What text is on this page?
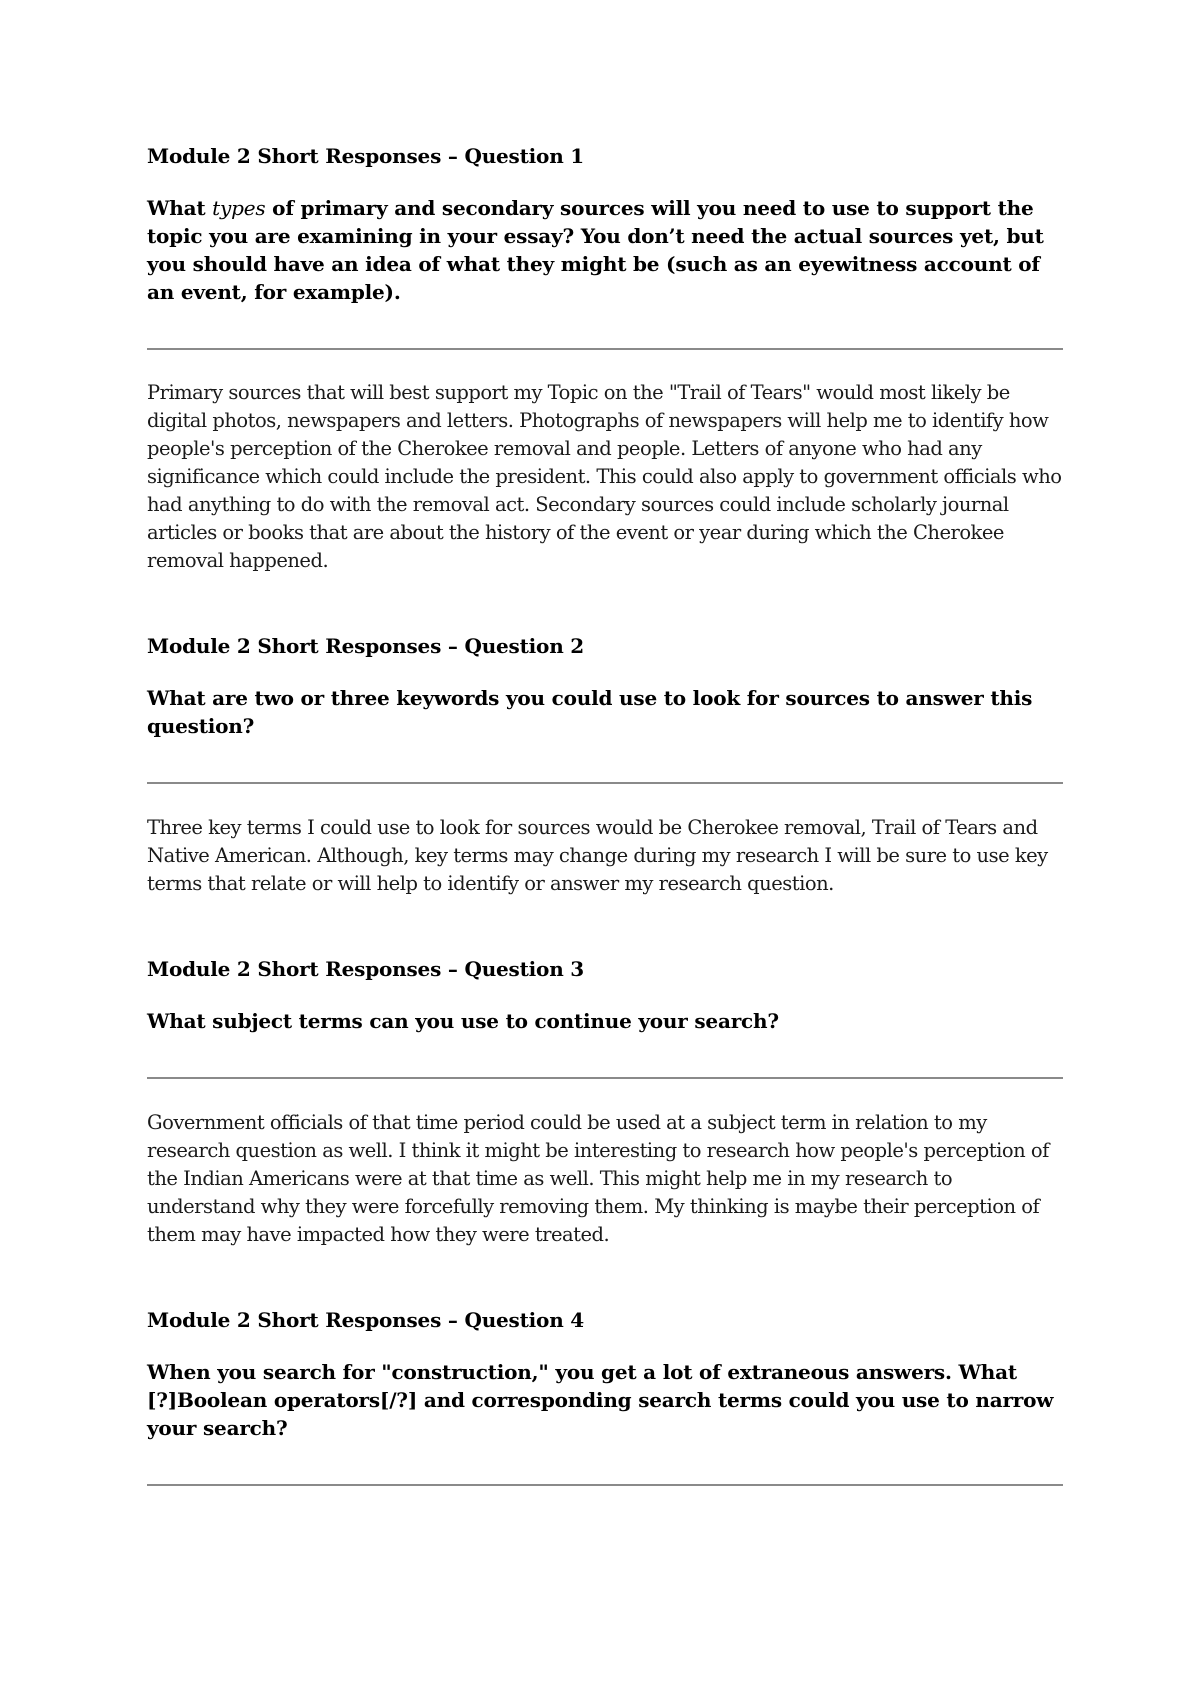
Module 2 Short Responses – Question 1

What types of primary and secondary sources will you need to use to support the topic you are examining in your essay? You don’t need the actual sources yet, but you should have an idea of what they might be (such as an eyewitness account of an event, for example).

Primary sources that will best support my Topic on the "Trail of Tears" would most likely be digital photos, newspapers and letters. Photographs of newspapers will help me to identify how people's perception of the Cherokee removal and people. Letters of anyone who had any significance which could include the president. This could also apply to government officials who had anything to do with the removal act. Secondary sources could include scholarly journal articles or books that are about the history of the event or year during which the Cherokee removal happened.

Module 2 Short Responses – Question 2

What are two or three keywords you could use to look for sources to answer this question?

Three key terms I could use to look for sources would be Cherokee removal, Trail of Tears and Native American. Although, key terms may change during my research I will be sure to use key terms that relate or will help to identify or answer my research question.

Module 2 Short Responses – Question 3

What subject terms can you use to continue your search?

Government officials of that time period could be used at a subject term in relation to my research question as well. I think it might be interesting to research how people's perception of the Indian Americans were at that time as well. This might help me in my research to understand why they were forcefully removing them. My thinking is maybe their perception of them may have impacted how they were treated.

Module 2 Short Responses – Question 4

When you search for "construction," you get a lot of extraneous answers. What [?]Boolean operators[/?] and corresponding search terms could you use to narrow your search?
